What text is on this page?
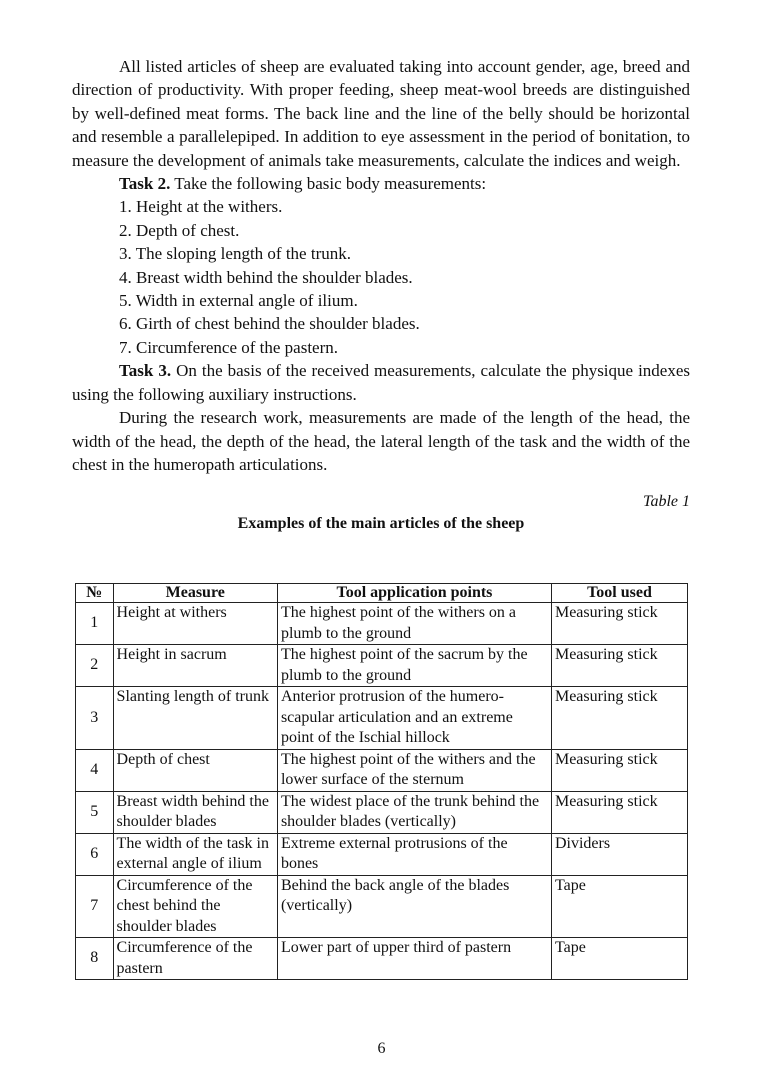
All listed articles of sheep are evaluated taking into account gender, age, breed and direction of productivity. With proper feeding, sheep meat-wool breeds are distinguished by well-defined meat forms. The back line and the line of the belly should be horizontal and resemble a parallelepiped. In addition to eye assessment in the period of bonitation, to measure the development of animals take measurements, calculate the indices and weigh.

Task 2. Take the following basic body measurements:

1. Height at the withers.
2. Depth of chest.
3. The sloping length of the trunk.
4. Breast width behind the shoulder blades.
5. Width in external angle of ilium.
6. Girth of chest behind the shoulder blades.
7. Circumference of the pastern.

Task 3. On the basis of the received measurements, calculate the physique indexes using the following auxiliary instructions.

During the research work, measurements are made of the length of the head, the width of the head, the depth of the head, the lateral length of the task and the width of the chest in the humeropath articulations.

Table 1
Examples of the main articles of the sheep
№	Measure	Tool application points	Tool used
1	Height at withers	The highest point of the withers on a plumb to the ground	Measuring stick
2	Height in sacrum	The highest point of the sacrum by the plumb to the ground	Measuring stick
3	Slanting length of trunk	Anterior protrusion of the humero-scapular articulation and an extreme point of the Ischial hillock	Measuring stick
4	Depth of chest	The highest point of the withers and the lower surface of the sternum	Measuring stick
5	Breast width behind the shoulder blades	The widest place of the trunk behind the shoulder blades (vertically)	Measuring stick
6	The width of the task in external angle of ilium	Extreme external protrusions of the bones	Dividers
7	Circumference of the chest behind the shoulder blades	Behind the back angle of the blades (vertically)	Tape
8	Circumference of the pastern	Lower part of upper third of pastern	Tape
6
